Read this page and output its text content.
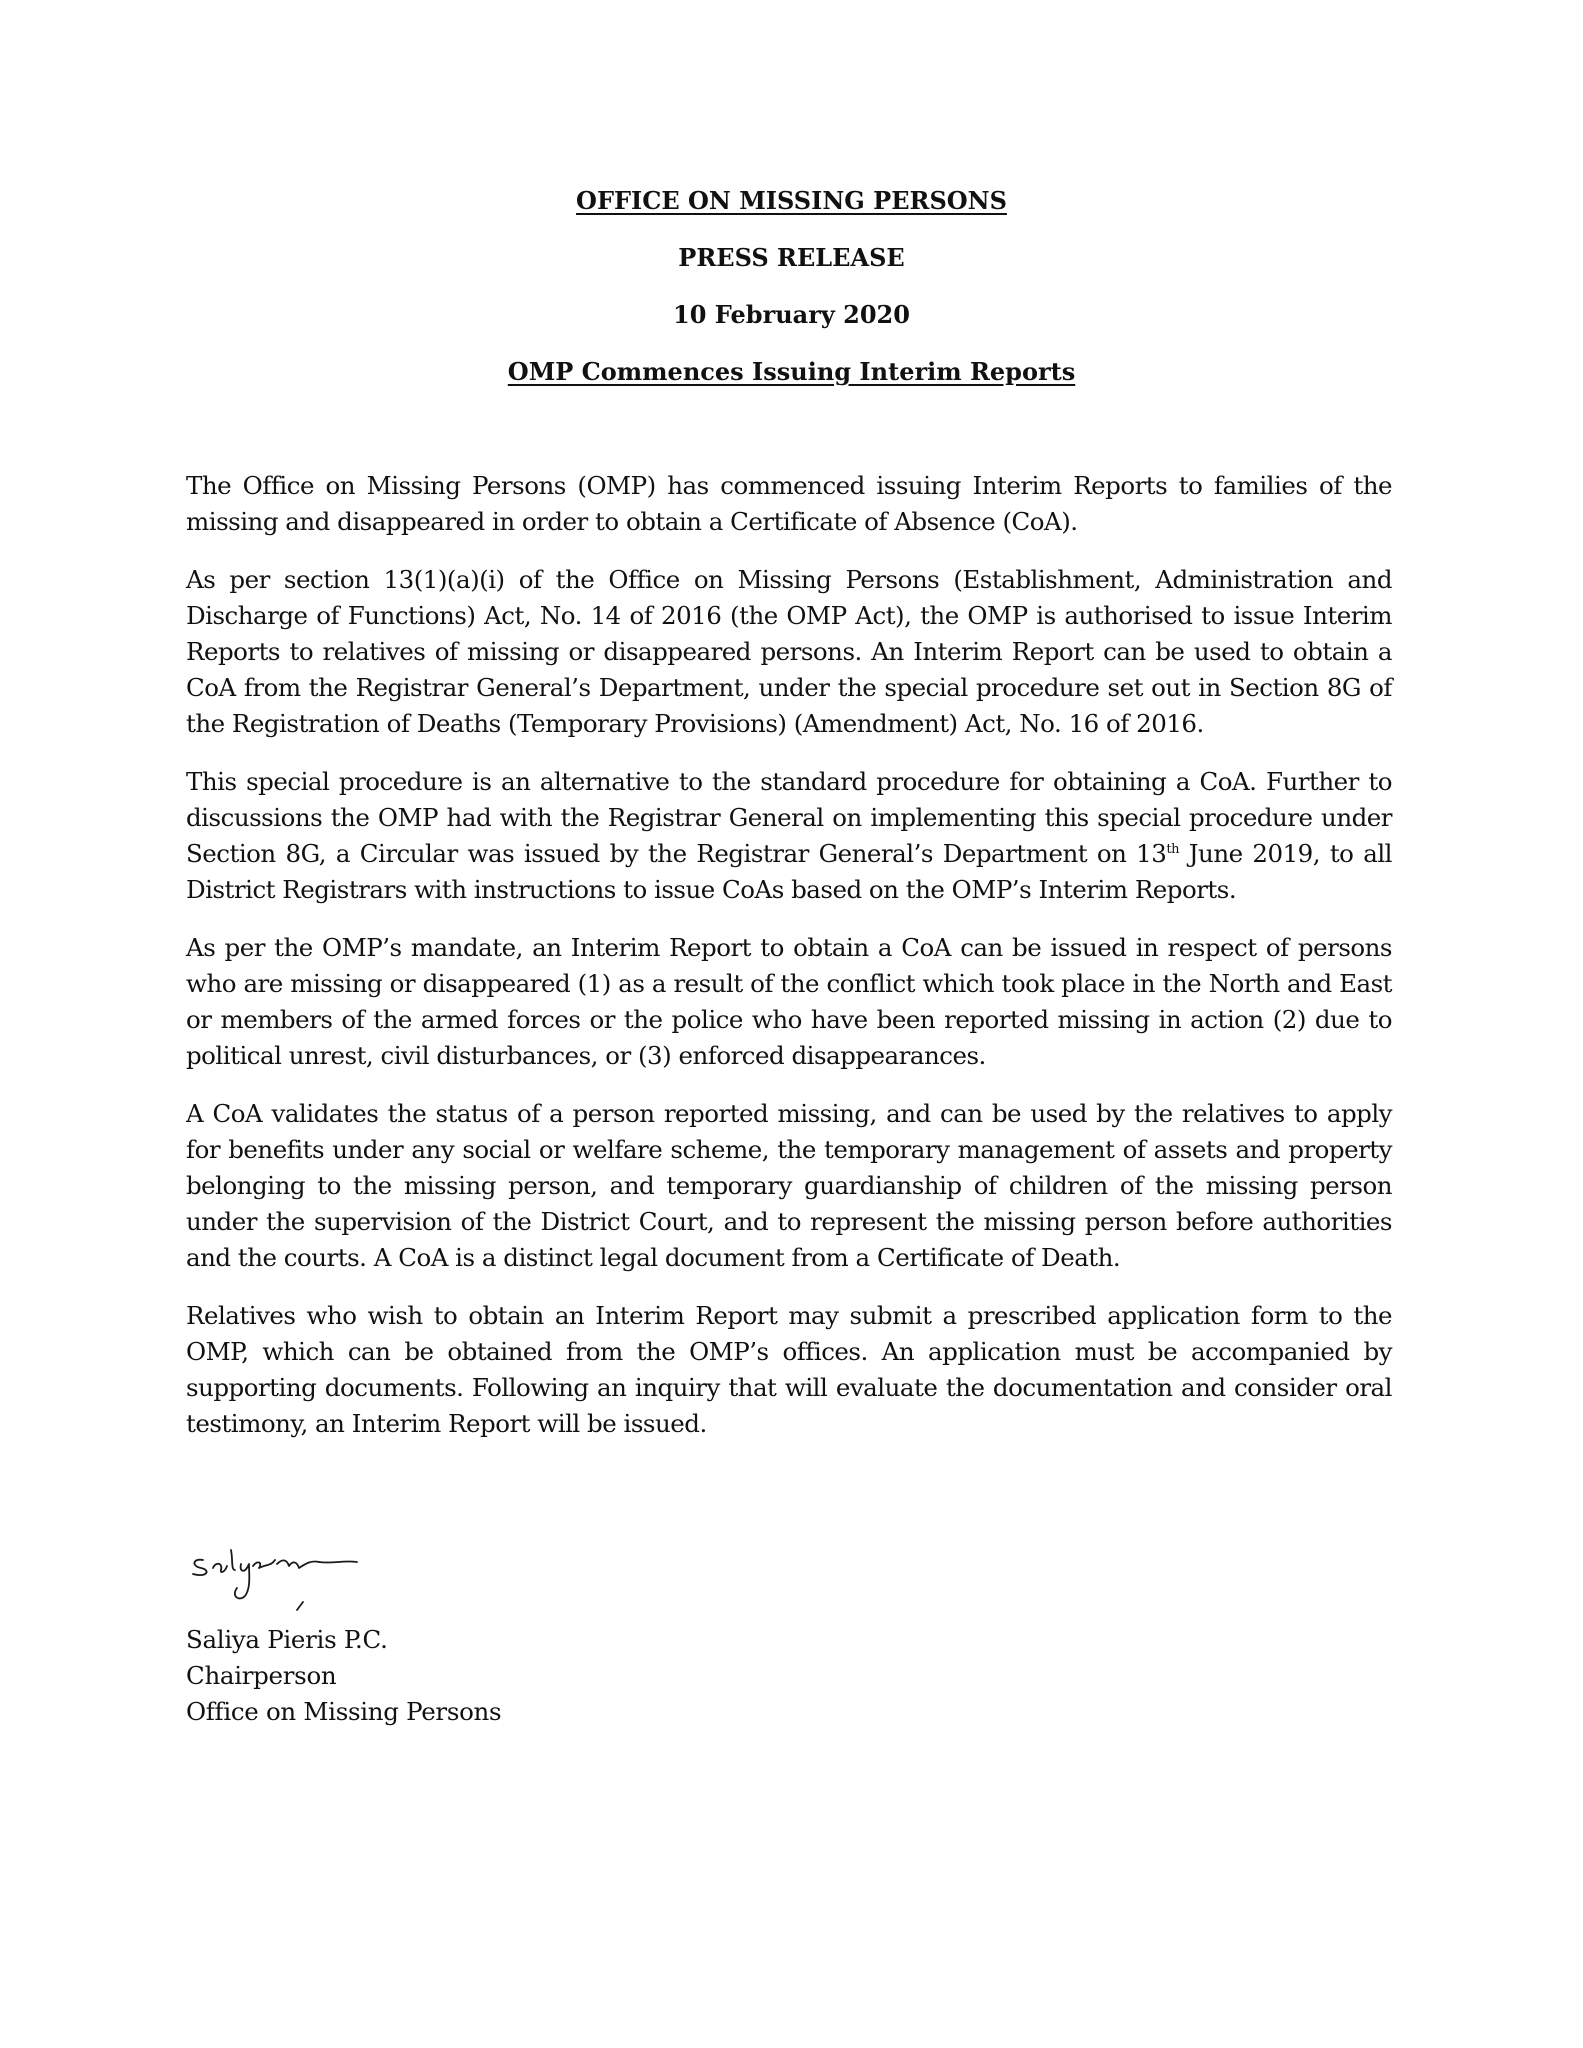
OFFICE ON MISSING PERSONS

PRESS RELEASE

10 February 2020

OMP Commences Issuing Interim Reports

The Office on Missing Persons (OMP) has commenced issuing Interim Reports to families of the missing and disappeared in order to obtain a Certificate of Absence (CoA).

As per section 13(1)(a)(i) of the Office on Missing Persons (Establishment, Administration and Discharge of Functions) Act, No. 14 of 2016 (the OMP Act), the OMP is authorised to issue Interim Reports to relatives of missing or disappeared persons. An Interim Report can be used to obtain a CoA from the Registrar General’s Department, under the special procedure set out in Section 8G of the Registration of Deaths (Temporary Provisions) (Amendment) Act, No. 16 of 2016.

This special procedure is an alternative to the standard procedure for obtaining a CoA. Further to discussions the OMP had with the Registrar General on implementing this special procedure under Section 8G, a Circular was issued by the Registrar General’s Department on 13th June 2019, to all District Registrars with instructions to issue CoAs based on the OMP’s Interim Reports.

As per the OMP’s mandate, an Interim Report to obtain a CoA can be issued in respect of persons who are missing or disappeared (1) as a result of the conflict which took place in the North and East or members of the armed forces or the police who have been reported missing in action (2) due to political unrest, civil disturbances, or (3) enforced disappearances.

A CoA validates the status of a person reported missing, and can be used by the relatives to apply for benefits under any social or welfare scheme, the temporary management of assets and property belonging to the missing person, and temporary guardianship of children of the missing person under the supervision of the District Court, and to represent the missing person before authorities and the courts. A CoA is a distinct legal document from a Certificate of Death.

Relatives who wish to obtain an Interim Report may submit a prescribed application form to the OMP, which can be obtained from the OMP’s offices. An application must be accompanied by supporting documents. Following an inquiry that will evaluate the documentation and consider oral testimony, an Interim Report will be issued.

Saliya Pieris P.C.

Chairperson

Office on Missing Persons
